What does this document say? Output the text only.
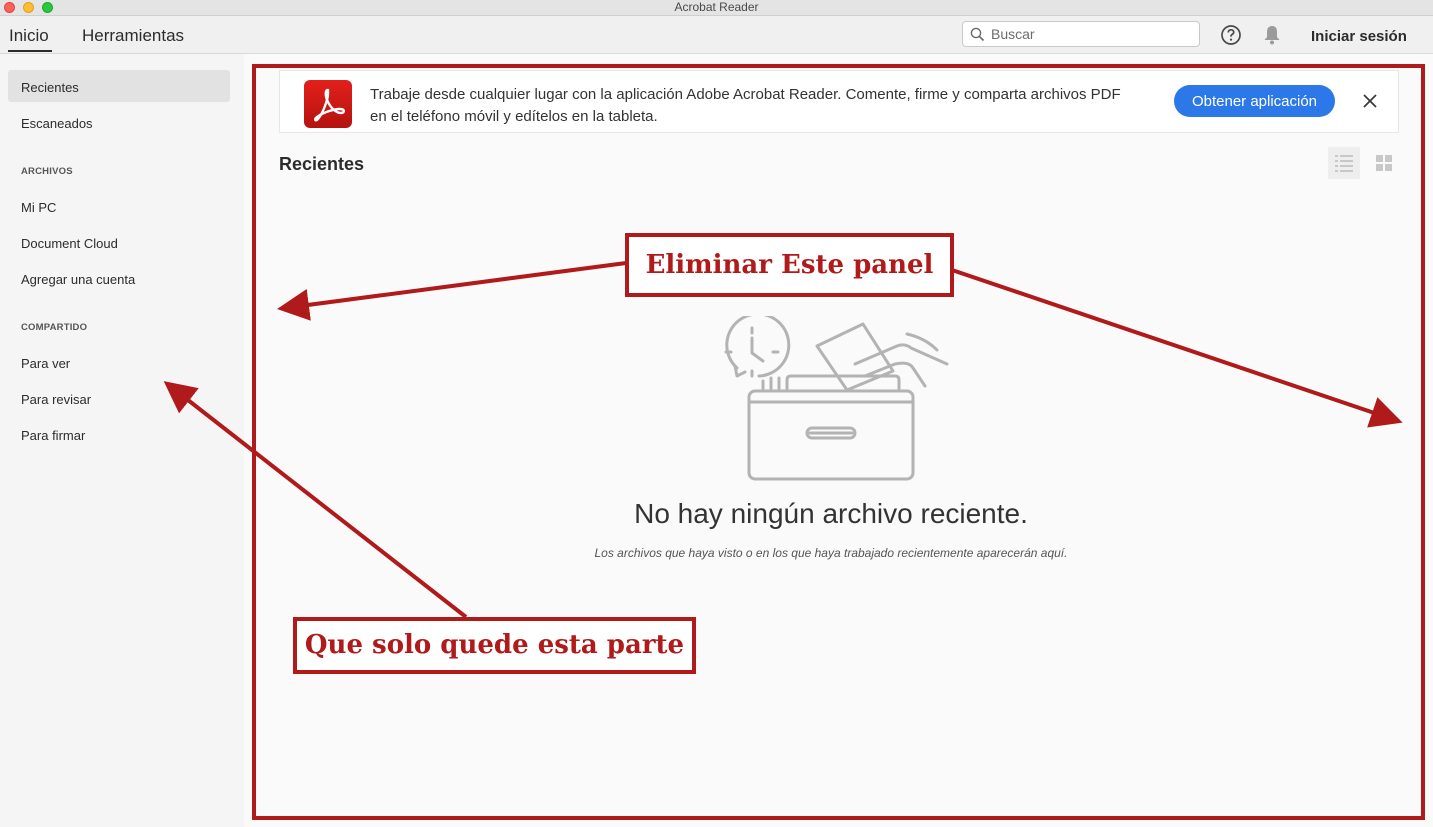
Acrobat Reader
Inicio Herramientas
Buscar	Iniciar sesión
Recientes
Escaneados
ARCHIVOS
Mi PC
Document Cloud
Agregar una cuenta
COMPARTIDO
Para ver
Para revisar
Para firmar
Trabaje desde cualquier lugar con la aplicación Adobe Acrobat Reader. Comente, firme y comparta archivos PDF
en el teléfono móvil y edítelos en la tableta.
Obtener aplicación
Recientes
No hay ningún archivo reciente.
Los archivos que haya visto o en los que haya trabajado recientemente aparecerán aquí.
Eliminar Este panel
Que solo quede esta parte
